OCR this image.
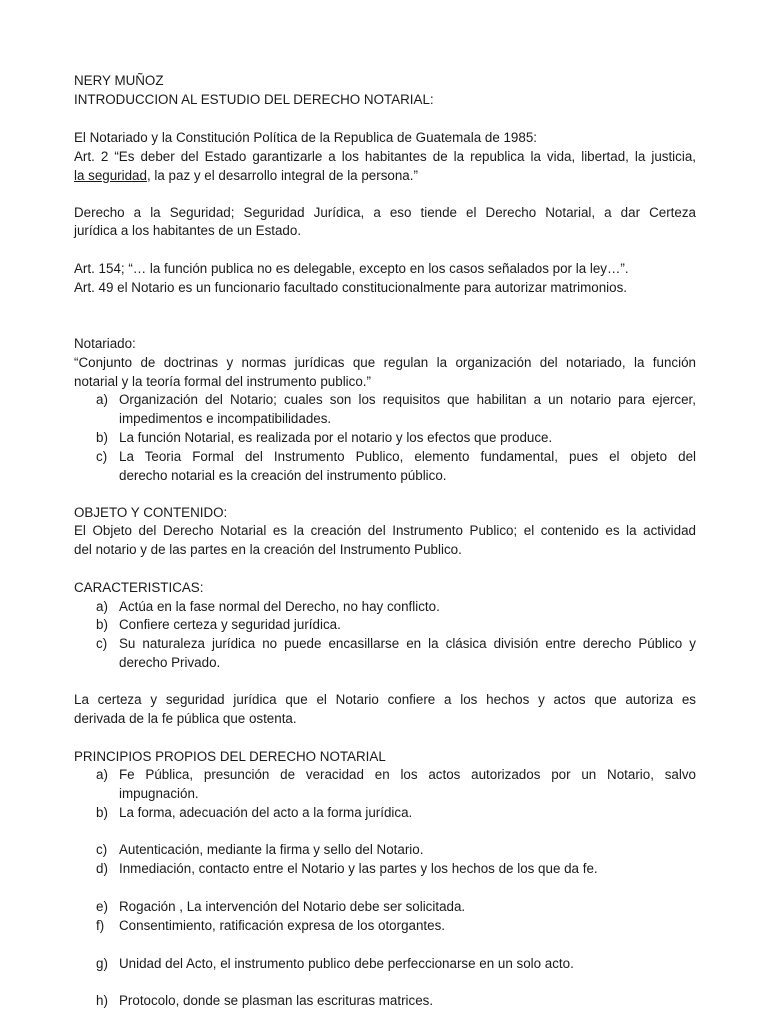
NERY MUÑOZ
INTRODUCCION AL ESTUDIO DEL DERECHO NOTARIAL:
El Notariado y la Constitución Política de la Republica de Guatemala de 1985:
Art. 2 “Es deber del Estado garantizarle a los habitantes de la republica la vida, libertad, la justicia,
la seguridad, la paz y el desarrollo integral de la persona.”
Derecho a la Seguridad; Seguridad Jurídica, a eso tiende el Derecho Notarial, a dar Certeza
jurídica a los habitantes de un Estado.
Art. 154; “… la función publica no es delegable, excepto en los casos señalados por la ley…”.
Art. 49 el Notario es un funcionario facultado constitucionalmente para autorizar matrimonios.
Notariado:
“Conjunto de doctrinas y normas jurídicas que regulan la organización del notariado, la función
notarial y la teoría formal del instrumento publico.”
a) Organización del Notario; cuales son los requisitos que habilitan a un notario para ejercer,
impedimentos e incompatibilidades.
b) La función Notarial, es realizada por el notario y los efectos que produce.
c) La Teoria Formal del Instrumento Publico, elemento fundamental, pues el objeto del
derecho notarial es la creación del instrumento público.
OBJETO Y CONTENIDO:
El Objeto del Derecho Notarial es la creación del Instrumento Publico; el contenido es la actividad
del notario y de las partes en la creación del Instrumento Publico.
CARACTERISTICAS:
a) Actúa en la fase normal del Derecho, no hay conflicto.
b) Confiere certeza y seguridad jurídica.
c) Su naturaleza jurídica no puede encasillarse en la clásica división entre derecho Público y
derecho Privado.
La certeza y seguridad jurídica que el Notario confiere a los hechos y actos que autoriza es
derivada de la fe pública que ostenta.
PRINCIPIOS PROPIOS DEL DERECHO NOTARIAL
a) Fe Pública, presunción de veracidad en los actos autorizados por un Notario, salvo
impugnación.
b) La forma, adecuación del acto a la forma jurídica.
c) Autenticación, mediante la firma y sello del Notario.
d) Inmediación, contacto entre el Notario y las partes y los hechos de los que da fe.
e) Rogación , La intervención del Notario debe ser solicitada.
f)	Consentimiento, ratificación expresa de los otorgantes.
g) Unidad del Acto, el instrumento publico debe perfeccionarse en un solo acto.
h) Protocolo, donde se plasman las escrituras matrices.
